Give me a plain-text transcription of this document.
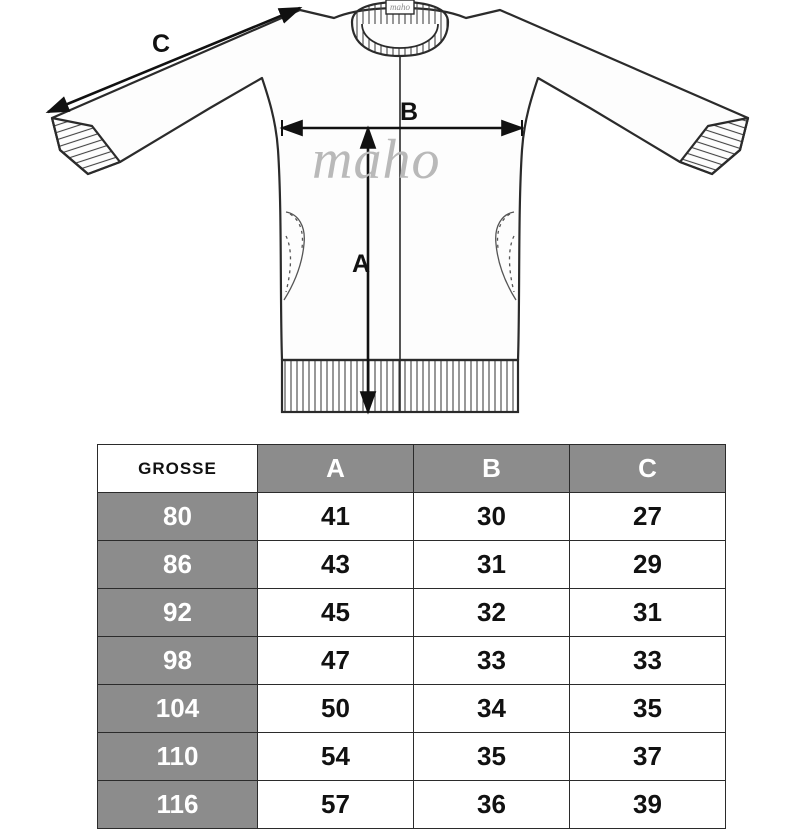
maho
A
B
C
maho
GROSSE	A	B	C
80	41	30	27
86	43	31	29
92	45	32	31
98	47	33	33
104	50	34	35
110	54	35	37
116	57	36	39
